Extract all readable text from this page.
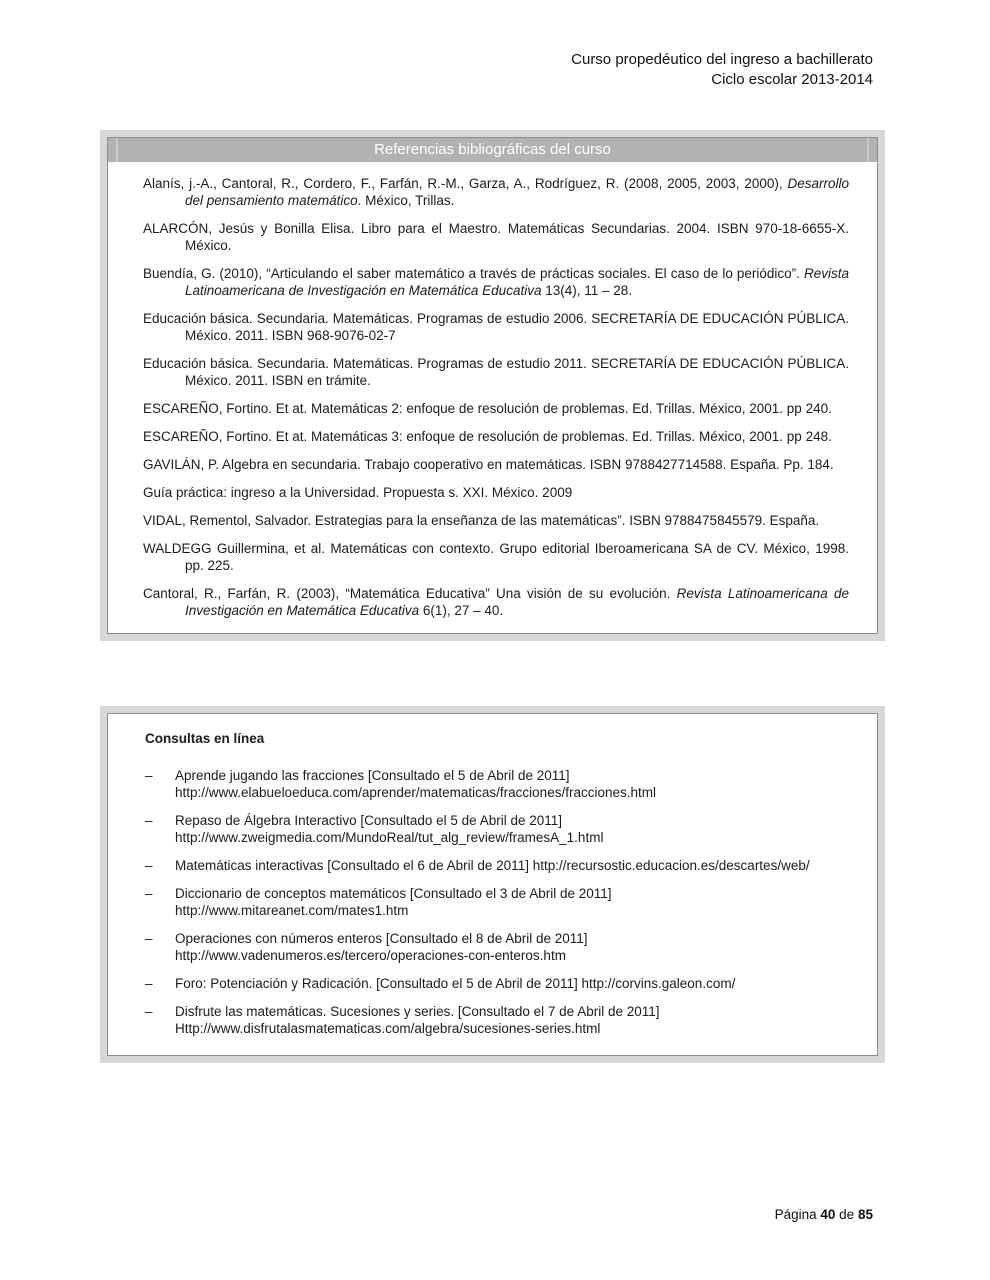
Curso propedéutico del ingreso a bachillerato
Ciclo escolar 2013-2014
Referencias bibliográficas del curso

Alanís, j.-A., Cantoral, R., Cordero, F., Farfán, R.-M., Garza, A., Rodríguez, R. (2008, 2005, 2003, 2000), Desarrollo del pensamiento matemático. México, Trillas.

ALARCÓN, Jesús y Bonilla Elisa. Libro para el Maestro. Matemáticas Secundarias. 2004. ISBN 970-18-6655-X. México.

Buendía, G. (2010), “Articulando el saber matemático a través de prácticas sociales. El caso de lo periódico”. Revista Latinoamericana de Investigación en Matemática Educativa 13(4), 11 – 28.

Educación básica. Secundaria. Matemáticas. Programas de estudio 2006. SECRETARÍA DE EDUCACIÓN PÚBLICA. México. 2011. ISBN 968-9076-02-7

Educación básica. Secundaria. Matemáticas. Programas de estudio 2011. SECRETARÍA DE EDUCACIÓN PÚBLICA. México. 2011. ISBN en trámite.

ESCAREÑO, Fortino. Et at. Matemáticas 2: enfoque de resolución de problemas. Ed. Trillas. México, 2001. pp 240.

ESCAREÑO, Fortino. Et at. Matemáticas 3: enfoque de resolución de problemas. Ed. Trillas. México, 2001. pp 248.

GAVILÁN, P. Algebra en secundaria. Trabajo cooperativo en matemáticas. ISBN 9788427714588. España. Pp. 184.

Guía práctica: ingreso a la Universidad. Propuesta s. XXI. México. 2009

VIDAL, Rementol, Salvador. Estrategias para la enseñanza de las matemáticas”. ISBN 9788475845579. España.

WALDEGG Guillermina, et al. Matemáticas con contexto. Grupo editorial Iberoamericana SA de CV. México, 1998. pp. 225.

Cantoral, R., Farfán, R. (2003), “Matemática Educativa” Una visión de su evolución. Revista Latinoamericana de Investigación en Matemática Educativa 6(1), 27 – 40.

Consultas en línea
–	Aprende jugando las fracciones [Consultado el 5 de Abril de 2011]
http://www.elabueloeduca.com/aprender/matematicas/fracciones/fracciones.html
–	Repaso de Álgebra Interactivo [Consultado el 5 de Abril de 2011]
http://www.zweigmedia.com/MundoReal/tut_alg_review/framesA_1.html
–	Matemáticas interactivas [Consultado el 6 de Abril de 2011] http://recursostic.educacion.es/descartes/web/
–	Diccionario de conceptos matemáticos [Consultado el 3 de Abril de 2011]
http://www.mitareanet.com/mates1.htm
–	Operaciones con números enteros [Consultado el 8 de Abril de 2011]
http://www.vadenumeros.es/tercero/operaciones-con-enteros.htm
–	Foro: Potenciación y Radicación. [Consultado el 5 de Abril de 2011] http://corvins.galeon.com/
–	Disfrute las matemáticas. Sucesiones y series. [Consultado el 7 de Abril de 2011]
Http://www.disfrutalasmatematicas.com/algebra/sucesiones-series.html
Página 40 de 85
